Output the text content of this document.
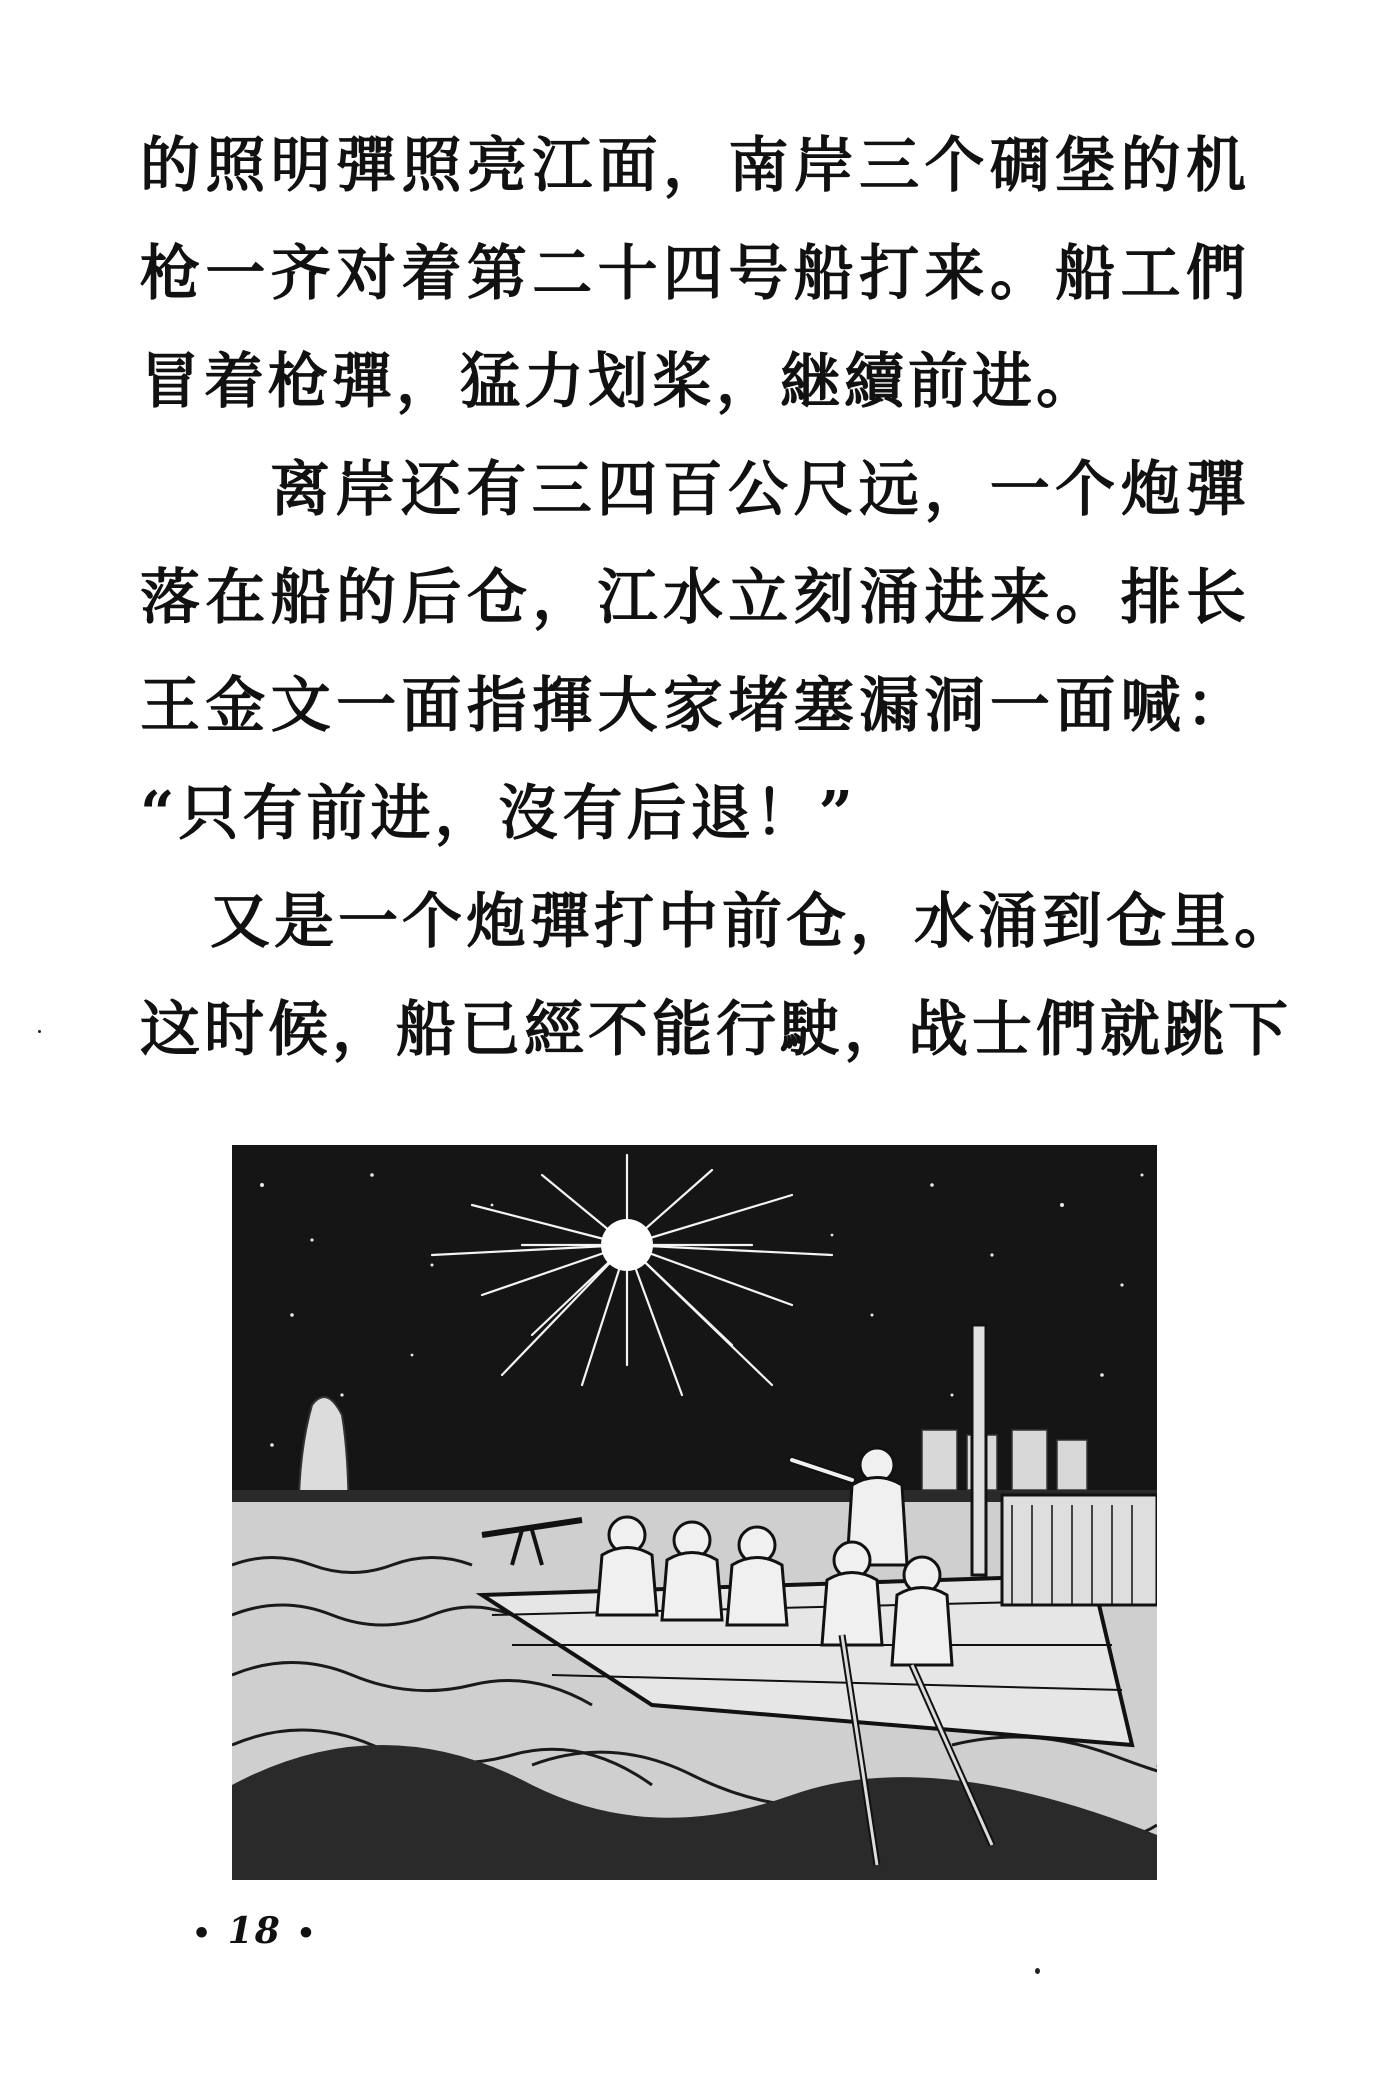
的照明彈照亮江面，南岸三个碉堡的机
枪一齐对着第二十四号船打来。船工們
冒着枪彈，猛力划桨，継續前进。
离岸还有三四百公尺远，一个炮彈
落在船的后仓，江水立刻涌进来。排长
王金文一面指揮大家堵塞漏洞一面喊：
“只有前进，沒有后退！”
又是一个炮彈打中前仓，水涌到仓里。
这时候，船已經不能行駛，战士們就跳下
• 18 •
